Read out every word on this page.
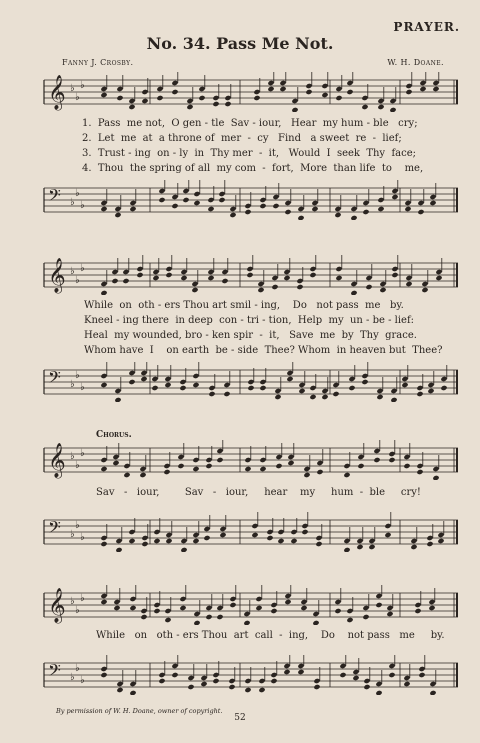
PRAYER.
No. 34. Pass Me Not.
Fanny J. Crosby.	W. H. Doane.
𝄞 ♭
♭
♭
1.  Pass  me not,  O gen - tle  Sav - iour,   Hear  my hum - ble   cry;
2.  Let  me  at  a throne of  mer  -  cy   Find   a sweet  re  -  lief;
3.  Trust - ing  on - ly  in  Thy mer  -  it,   Would  I  seek  Thy  face;
4.  Thou  the spring of all  my com  -  fort,  More  than life  to    me,
𝄢 ♭
♭
♭
𝄞 ♭
♭
♭
While  on  oth - ers Thou art smil - ing,    Do   not pass  me   by.
Kneel - ing there  in deep  con - tri - tion,  Help  my  un - be - lief:
Heal  my wounded, bro - ken spir  -  it,   Save  me  by  Thy  grace.
Whom have  I    on earth  be - side  Thee? Whom  in heaven but  Thee?
𝄢 ♭
♭
♭
Chorus.
𝄞 ♭
♭
♭
Sav   -   iour,        Sav   -   iour,     hear    my     hum  -  ble     cry!
𝄢 ♭
♭
♭
𝄞 ♭
♭
♭
While   on   oth - ers Thou  art  call  -  ing,    Do    not pass   me     by.
𝄢 ♭
♭
♭
By permission of W. H. Doane, owner of copyright.
52
